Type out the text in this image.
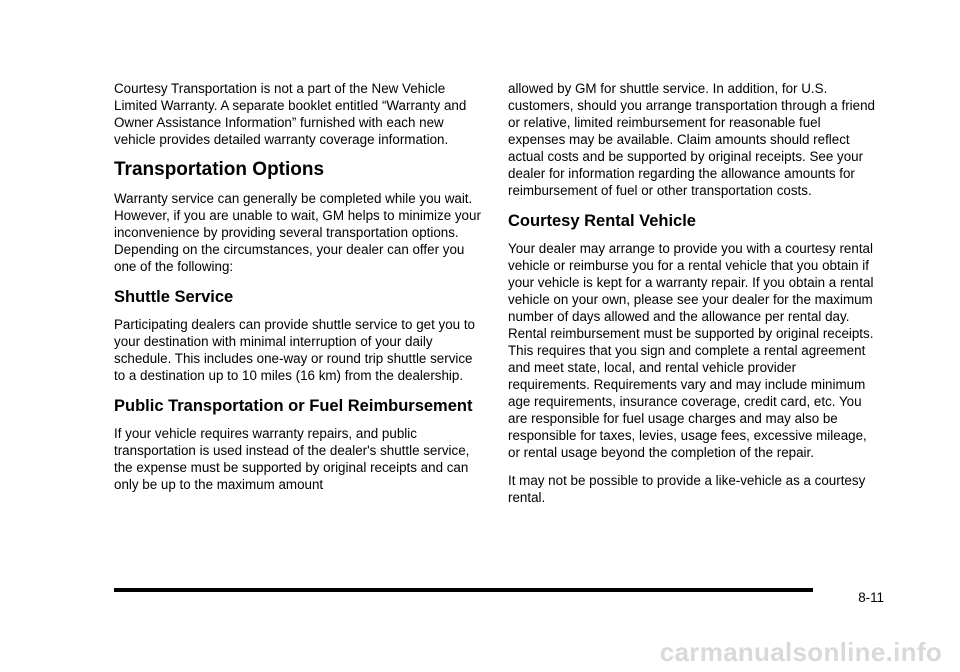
Courtesy Transportation is not a part of the New Vehicle Limited Warranty. A separate booklet entitled “Warranty and Owner Assistance Information” furnished with each new vehicle provides detailed warranty coverage information.

Transportation Options

Warranty service can generally be completed while you wait. However, if you are unable to wait, GM helps to minimize your inconvenience by providing several transportation options. Depending on the circumstances, your dealer can offer you one of the following:

Shuttle Service

Participating dealers can provide shuttle service to get you to your destination with minimal interruption of your daily schedule. This includes one-way or round trip shuttle service to a destination up to 10 miles (16 km) from the dealership.

Public Transportation or Fuel Reimbursement

If your vehicle requires warranty repairs, and public transportation is used instead of the dealer's shuttle service, the expense must be supported by original receipts and can only be up to the maximum amount

allowed by GM for shuttle service. In addition, for U.S. customers, should you arrange transportation through a friend or relative, limited reimbursement for reasonable fuel expenses may be available. Claim amounts should reflect actual costs and be supported by original receipts. See your dealer for information regarding the allowance amounts for reimbursement of fuel or other transportation costs.

Courtesy Rental Vehicle

Your dealer may arrange to provide you with a courtesy rental vehicle or reimburse you for a rental vehicle that you obtain if your vehicle is kept for a warranty repair. If you obtain a rental vehicle on your own, please see your dealer for the maximum number of days allowed and the allowance per rental day. Rental reimbursement must be supported by original receipts. This requires that you sign and complete a rental agreement and meet state, local, and rental vehicle provider requirements. Requirements vary and may include minimum age requirements, insurance coverage, credit card, etc. You are responsible for fuel usage charges and may also be responsible for taxes, levies, usage fees, excessive mileage, or rental usage beyond the completion of the repair.

It may not be possible to provide a like-vehicle as a courtesy rental.

8-11
carmanualsonline.info
